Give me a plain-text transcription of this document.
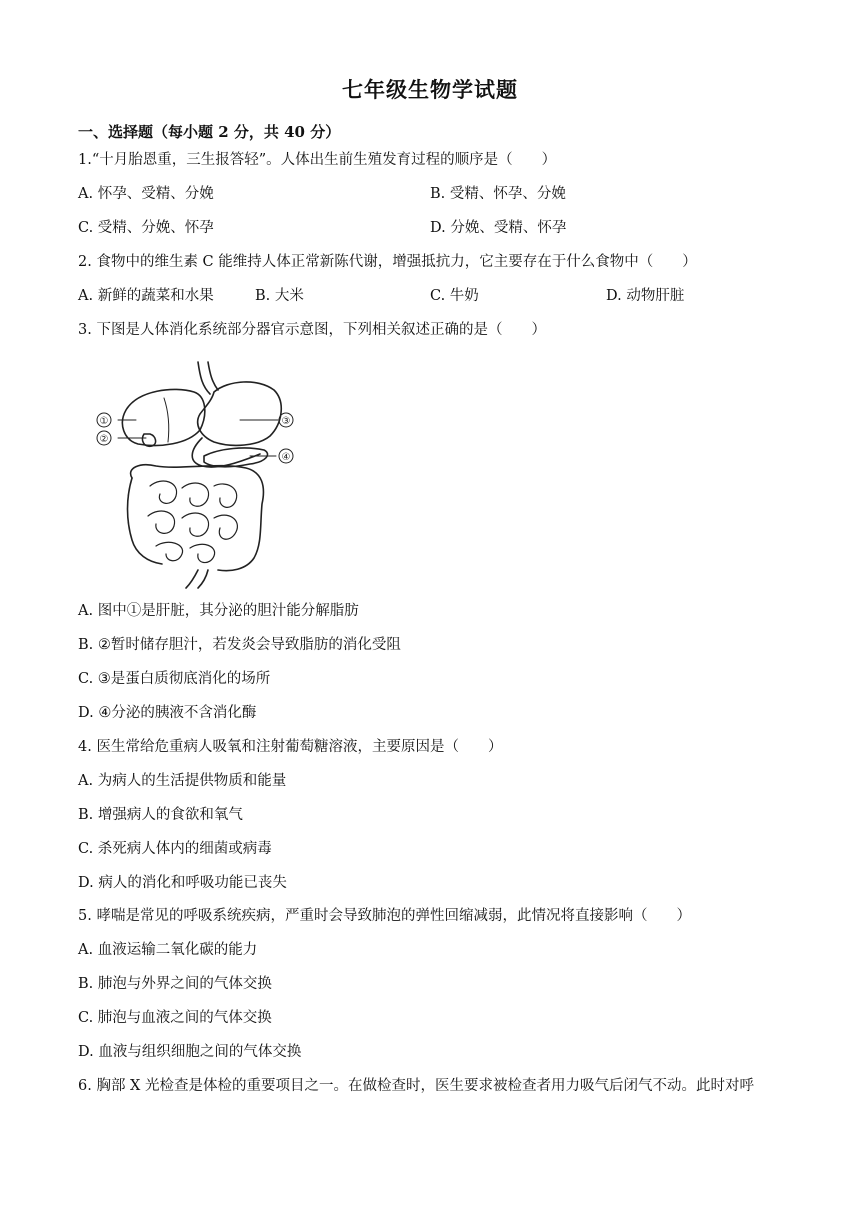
七年级生物学试题
一、选择题（每小题 2 分，共 40 分）
1.“十月胎恩重，三生报答轻”。人体出生前生殖发育过程的顺序是（　　）
A. 怀孕、受精、分娩	B. 受精、怀孕、分娩
C. 受精、分娩、怀孕	D. 分娩、受精、怀孕
2. 食物中的维生素 C 能维持人体正常新陈代谢，增强抵抗力，它主要存在于什么食物中（　　）
A. 新鲜的蔬菜和水果	B. 大米	C. 牛奶	D. 动物肝脏
3. 下图是人体消化系统部分器官示意图，下列相关叙述正确的是（　　）
①
②
③
④
A. 图中①是肝脏，其分泌的胆汁能分解脂肪
B. ②暂时储存胆汁，若发炎会导致脂肪的消化受阻
C. ③是蛋白质彻底消化的场所
D. ④分泌的胰液不含消化酶
4. 医生常给危重病人吸氧和注射葡萄糖溶液，主要原因是（　　）
A. 为病人的生活提供物质和能量
B. 增强病人的食欲和氧气
C. 杀死病人体内的细菌或病毒
D. 病人的消化和呼吸功能已丧失
5. 哮喘是常见的呼吸系统疾病，严重时会导致肺泡的弹性回缩减弱，此情况将直接影响（　　）
A. 血液运输二氧化碳的能力
B. 肺泡与外界之间的气体交换
C. 肺泡与血液之间的气体交换
D. 血液与组织细胞之间的气体交换
6. 胸部 X 光检查是体检的重要项目之一。在做检查时，医生要求被检查者用力吸气后闭气不动。此时对呼
